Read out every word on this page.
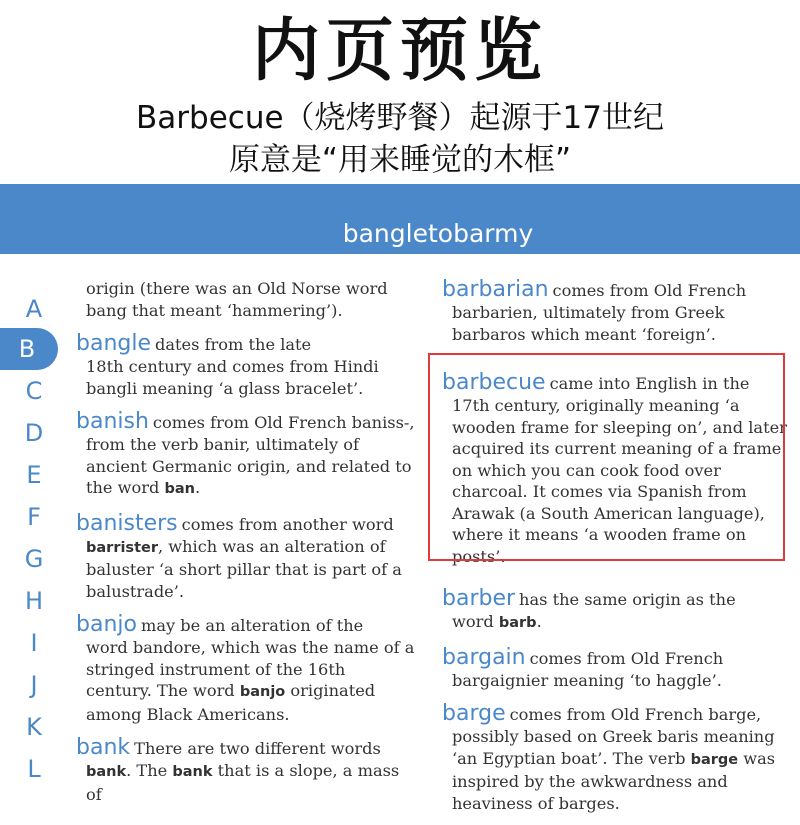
内页预览
Barbecue（烧烤野餐）起源于17世纪
原意是“用来睡觉的木框”
bangletobarmy
A
B
C
D
E
F
G
H
I
J
K
L

origin (there was an Old Norse word bang that meant ‘hammering’).

bangle dates from the late

18th century and comes from Hindi bangli meaning ‘a glass bracelet’.

banish comes from Old French baniss-,

from the verb banir, ultimately of ancient Germanic origin, and related to the word ban.

banisters comes from another word

barrister, which was an alteration of baluster ‘a short pillar that is part of a balustrade’.

banjo may be an alteration of the

word bandore, which was the name of a stringed instrument of the 16th century. The word banjo originated among Black Americans.

bank There are two different words

bank. The bank that is a slope, a mass of

barbarian comes from Old French

barbarien, ultimately from Greek barbaros which meant ‘foreign’.

barbecue came into English in the

17th century, originally meaning ‘a wooden frame for sleeping on’, and later acquired its current meaning of a frame on which you can cook food over charcoal. It comes via Spanish from Arawak (a South American language), where it means ‘a wooden frame on posts’.

barber has the same origin as the

word barb.

bargain comes from Old French

bargaignier meaning ‘to haggle’.

barge comes from Old French barge,

possibly based on Greek baris meaning ‘an Egyptian boat’. The verb barge was inspired by the awkwardness and heaviness of barges.
